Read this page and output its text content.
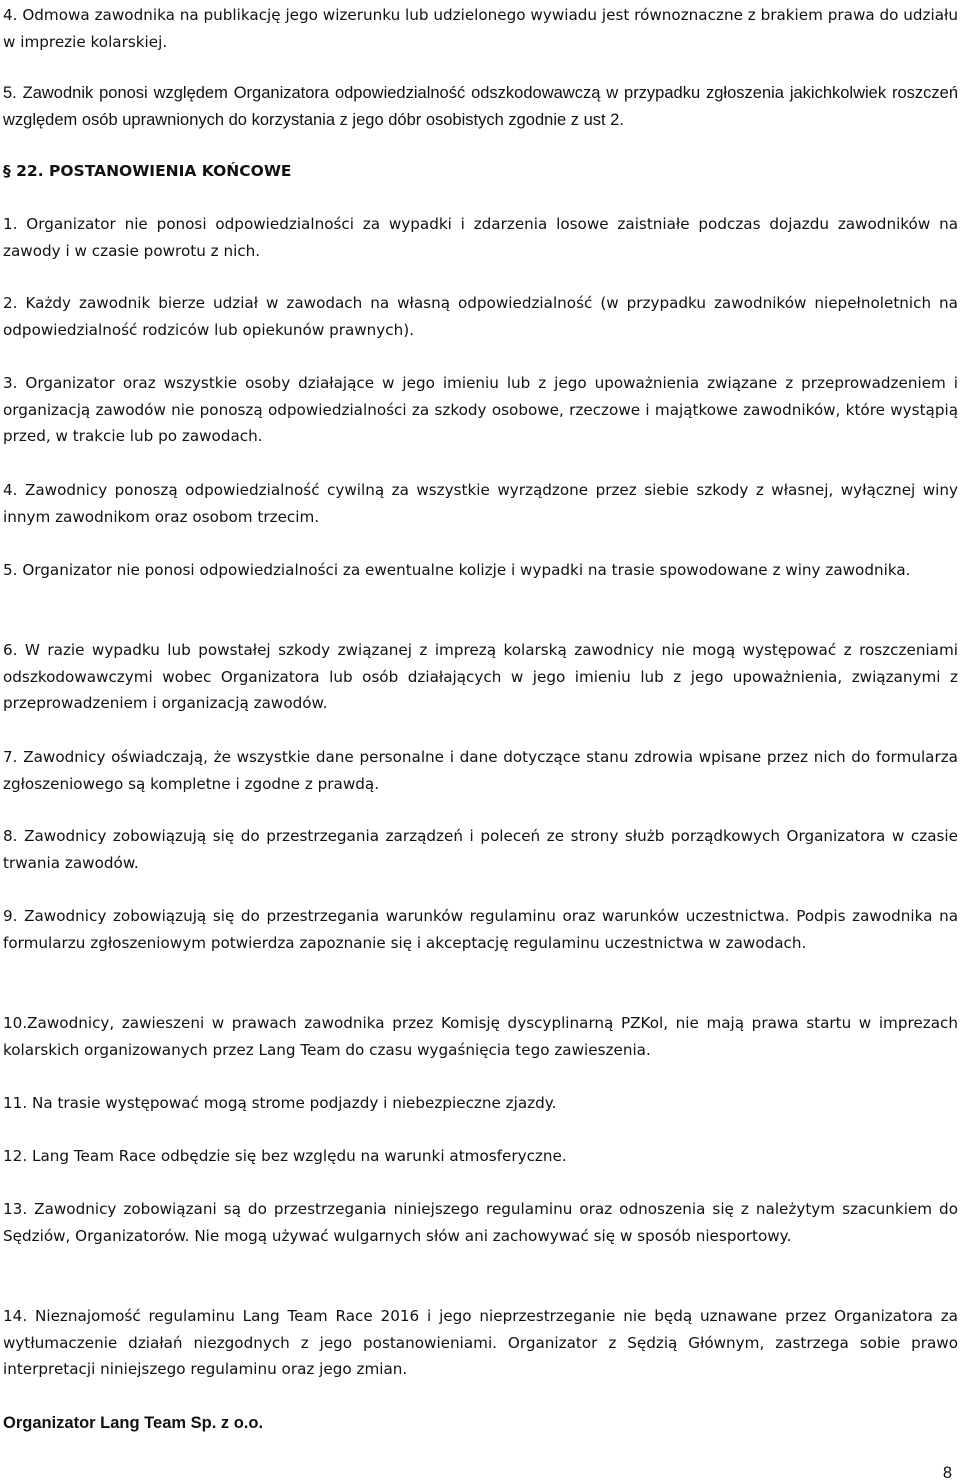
4. Odmowa zawodnika na publikację jego wizerunku lub udzielonego wywiadu jest równoznaczne z brakiem prawa do udziału w imprezie kolarskiej.

5. Zawodnik ponosi względem Organizatora odpowiedzialność odszkodowawczą w przypadku zgłoszenia jakichkolwiek roszczeń względem osób uprawnionych do korzystania z jego dóbr osobistych zgodnie z ust 2.

§ 22. POSTANOWIENIA KOŃCOWE

1. Organizator nie ponosi odpowiedzialności za wypadki i zdarzenia losowe zaistniałe podczas dojazdu zawodników na zawody i w czasie powrotu z nich.

2. Każdy zawodnik bierze udział w zawodach na własną odpowiedzialność (w przypadku zawodników niepełnoletnich na odpowiedzialność rodziców lub opiekunów prawnych).

3. Organizator oraz wszystkie osoby działające w jego imieniu lub z jego upoważnienia związane z przeprowadzeniem i organizacją zawodów nie ponoszą odpowiedzialności za szkody osobowe, rzeczowe i majątkowe zawodników, które wystąpią przed, w trakcie lub po zawodach.

4. Zawodnicy ponoszą odpowiedzialność cywilną za wszystkie wyrządzone przez siebie szkody z własnej, wyłącznej winy innym zawodnikom oraz osobom trzecim.

5. Organizator nie ponosi odpowiedzialności za ewentualne kolizje i wypadki na trasie spowodowane z winy zawodnika.

6. W razie wypadku lub powstałej szkody związanej z imprezą kolarską zawodnicy nie mogą występować z roszczeniami odszkodowawczymi wobec Organizatora lub osób działających w jego imieniu lub z jego upoważnienia, związanymi z przeprowadzeniem i organizacją zawodów.

7. Zawodnicy oświadczają, że wszystkie dane personalne i dane dotyczące stanu zdrowia wpisane przez nich do formularza zgłoszeniowego są kompletne i zgodne z prawdą.

8. Zawodnicy zobowiązują się do przestrzegania zarządzeń i poleceń ze strony służb porządkowych Organizatora w czasie trwania zawodów.

9. Zawodnicy zobowiązują się do przestrzegania warunków regulaminu oraz warunków uczestnictwa. Podpis zawodnika na formularzu zgłoszeniowym potwierdza zapoznanie się i akceptację regulaminu uczestnictwa w zawodach.

10.Zawodnicy, zawieszeni w prawach zawodnika przez Komisję dyscyplinarną PZKol, nie mają prawa startu w imprezach kolarskich organizowanych przez Lang Team do czasu wygaśnięcia tego zawieszenia.

11. Na trasie występować mogą strome podjazdy i niebezpieczne zjazdy.

12. Lang Team Race odbędzie się bez względu na warunki atmosferyczne.

13. Zawodnicy zobowiązani są do przestrzegania niniejszego regulaminu oraz odnoszenia się z należytym szacunkiem do Sędziów, Organizatorów. Nie mogą używać wulgarnych słów ani zachowywać się w sposób niesportowy.

14. Nieznajomość regulaminu Lang Team Race 2016 i jego nieprzestrzeganie nie będą uznawane przez Organizatora za wytłumaczenie działań niezgodnych z jego postanowieniami. Organizator z Sędzią Głównym, zastrzega sobie prawo interpretacji niniejszego regulaminu oraz jego zmian.

Organizator Lang Team Sp. z o.o.
8
